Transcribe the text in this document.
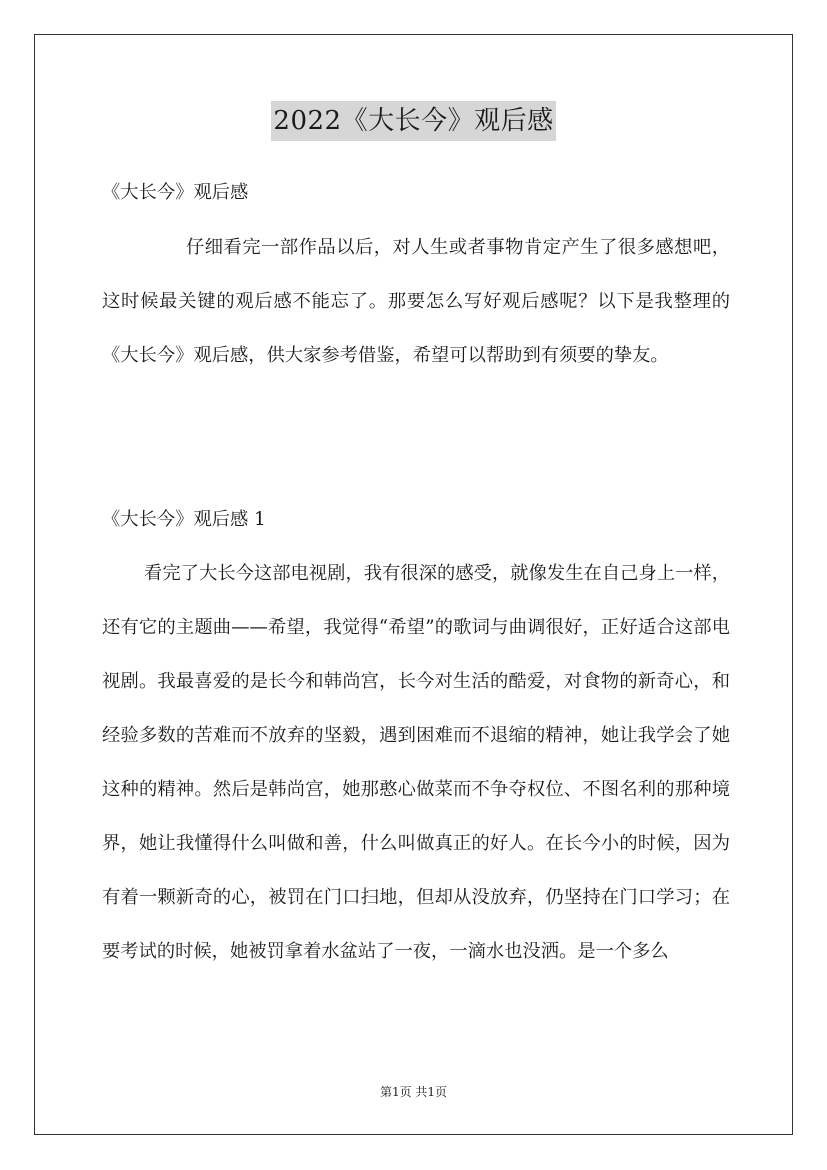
2022《大长今》观后感

《大长今》观后感

仔细看完一部作品以后，对人生或者事物肯定产生了很多感想吧，这时候最关键的观后感不能忘了。那要怎么写好观后感呢？以下是我整理的《大长今》观后感，供大家参考借鉴，希望可以帮助到有须要的挚友。

《大长今》观后感 1

看完了大长今这部电视剧，我有很深的感受，就像发生在自己身上一样，还有它的主题曲——希望，我觉得“希望”的歌词与曲调很好，正好适合这部电视剧。我最喜爱的是长今和韩尚宫，长今对生活的酷爱，对食物的新奇心，和经验多数的苦难而不放弃的坚毅，遇到困难而不退缩的精神，她让我学会了她这种的精神。然后是韩尚宫，她那憨心做菜而不争夺权位、不图名利的那种境界，她让我懂得什么叫做和善，什么叫做真正的好人。在长今小的时候，因为有着一颗新奇的心，被罚在门口扫地，但却从没放弃，仍坚持在门口学习；在要考试的时候，她被罚拿着水盆站了一夜，一滴水也没洒。是一个多么

第1页 共1页
